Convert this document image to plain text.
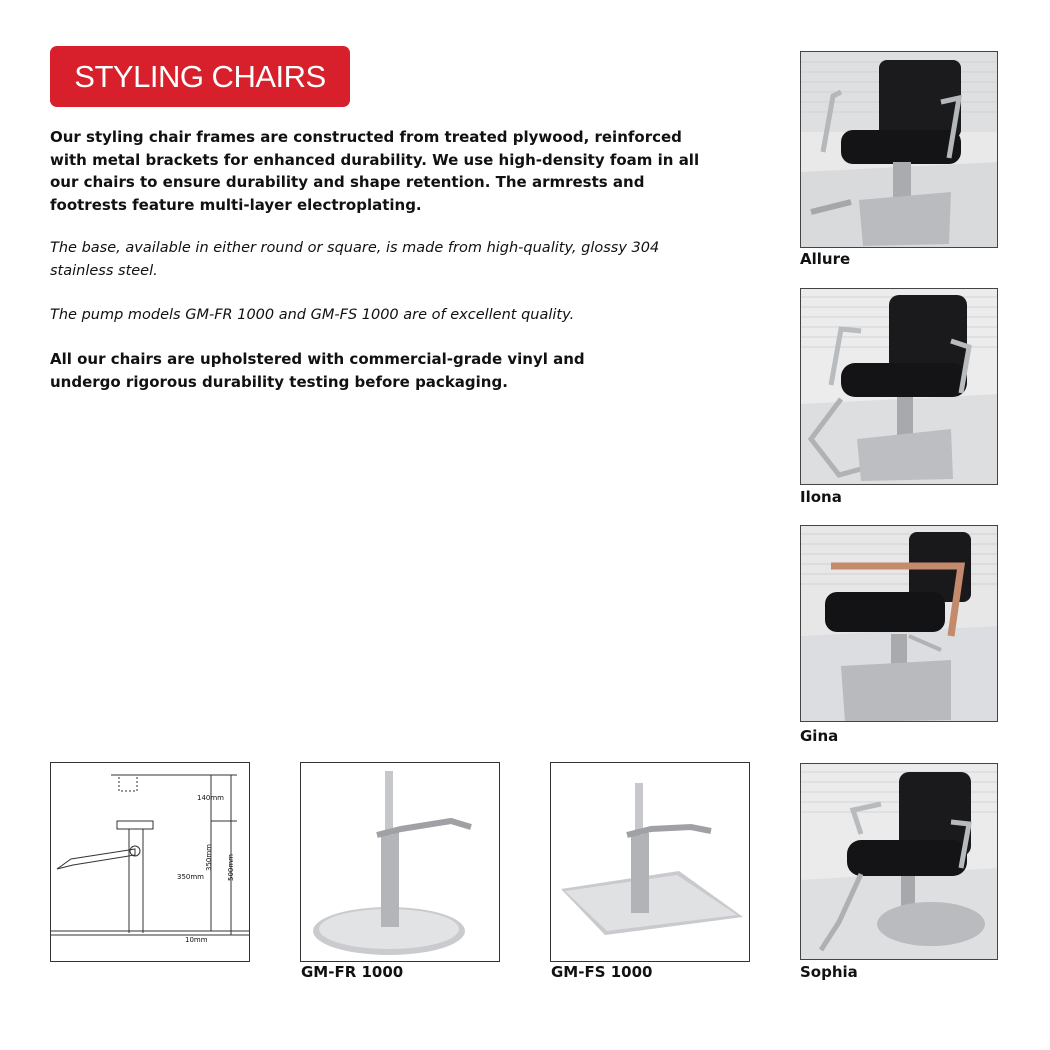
STYLING CHAIRS

Our styling chair frames are constructed from treated plywood, reinforced with metal brackets for enhanced durability. We use high-density foam in all our chairs to ensure durability and shape retention. The armrests and footrests feature multi-layer electroplating.

The base, available in either round or square, is made from high-quality, glossy 304 stainless steel.

The pump models GM-FR 1000 and GM-FS 1000 are of excellent quality.

All our chairs are upholstered with commercial-grade vinyl and undergo rigorous durability testing before packaging.

Allure
Ilona
Gina
Sophia
140mm
350mm
350mm 500mm
10mm
GM-FR 1000	GM-FS 1000
